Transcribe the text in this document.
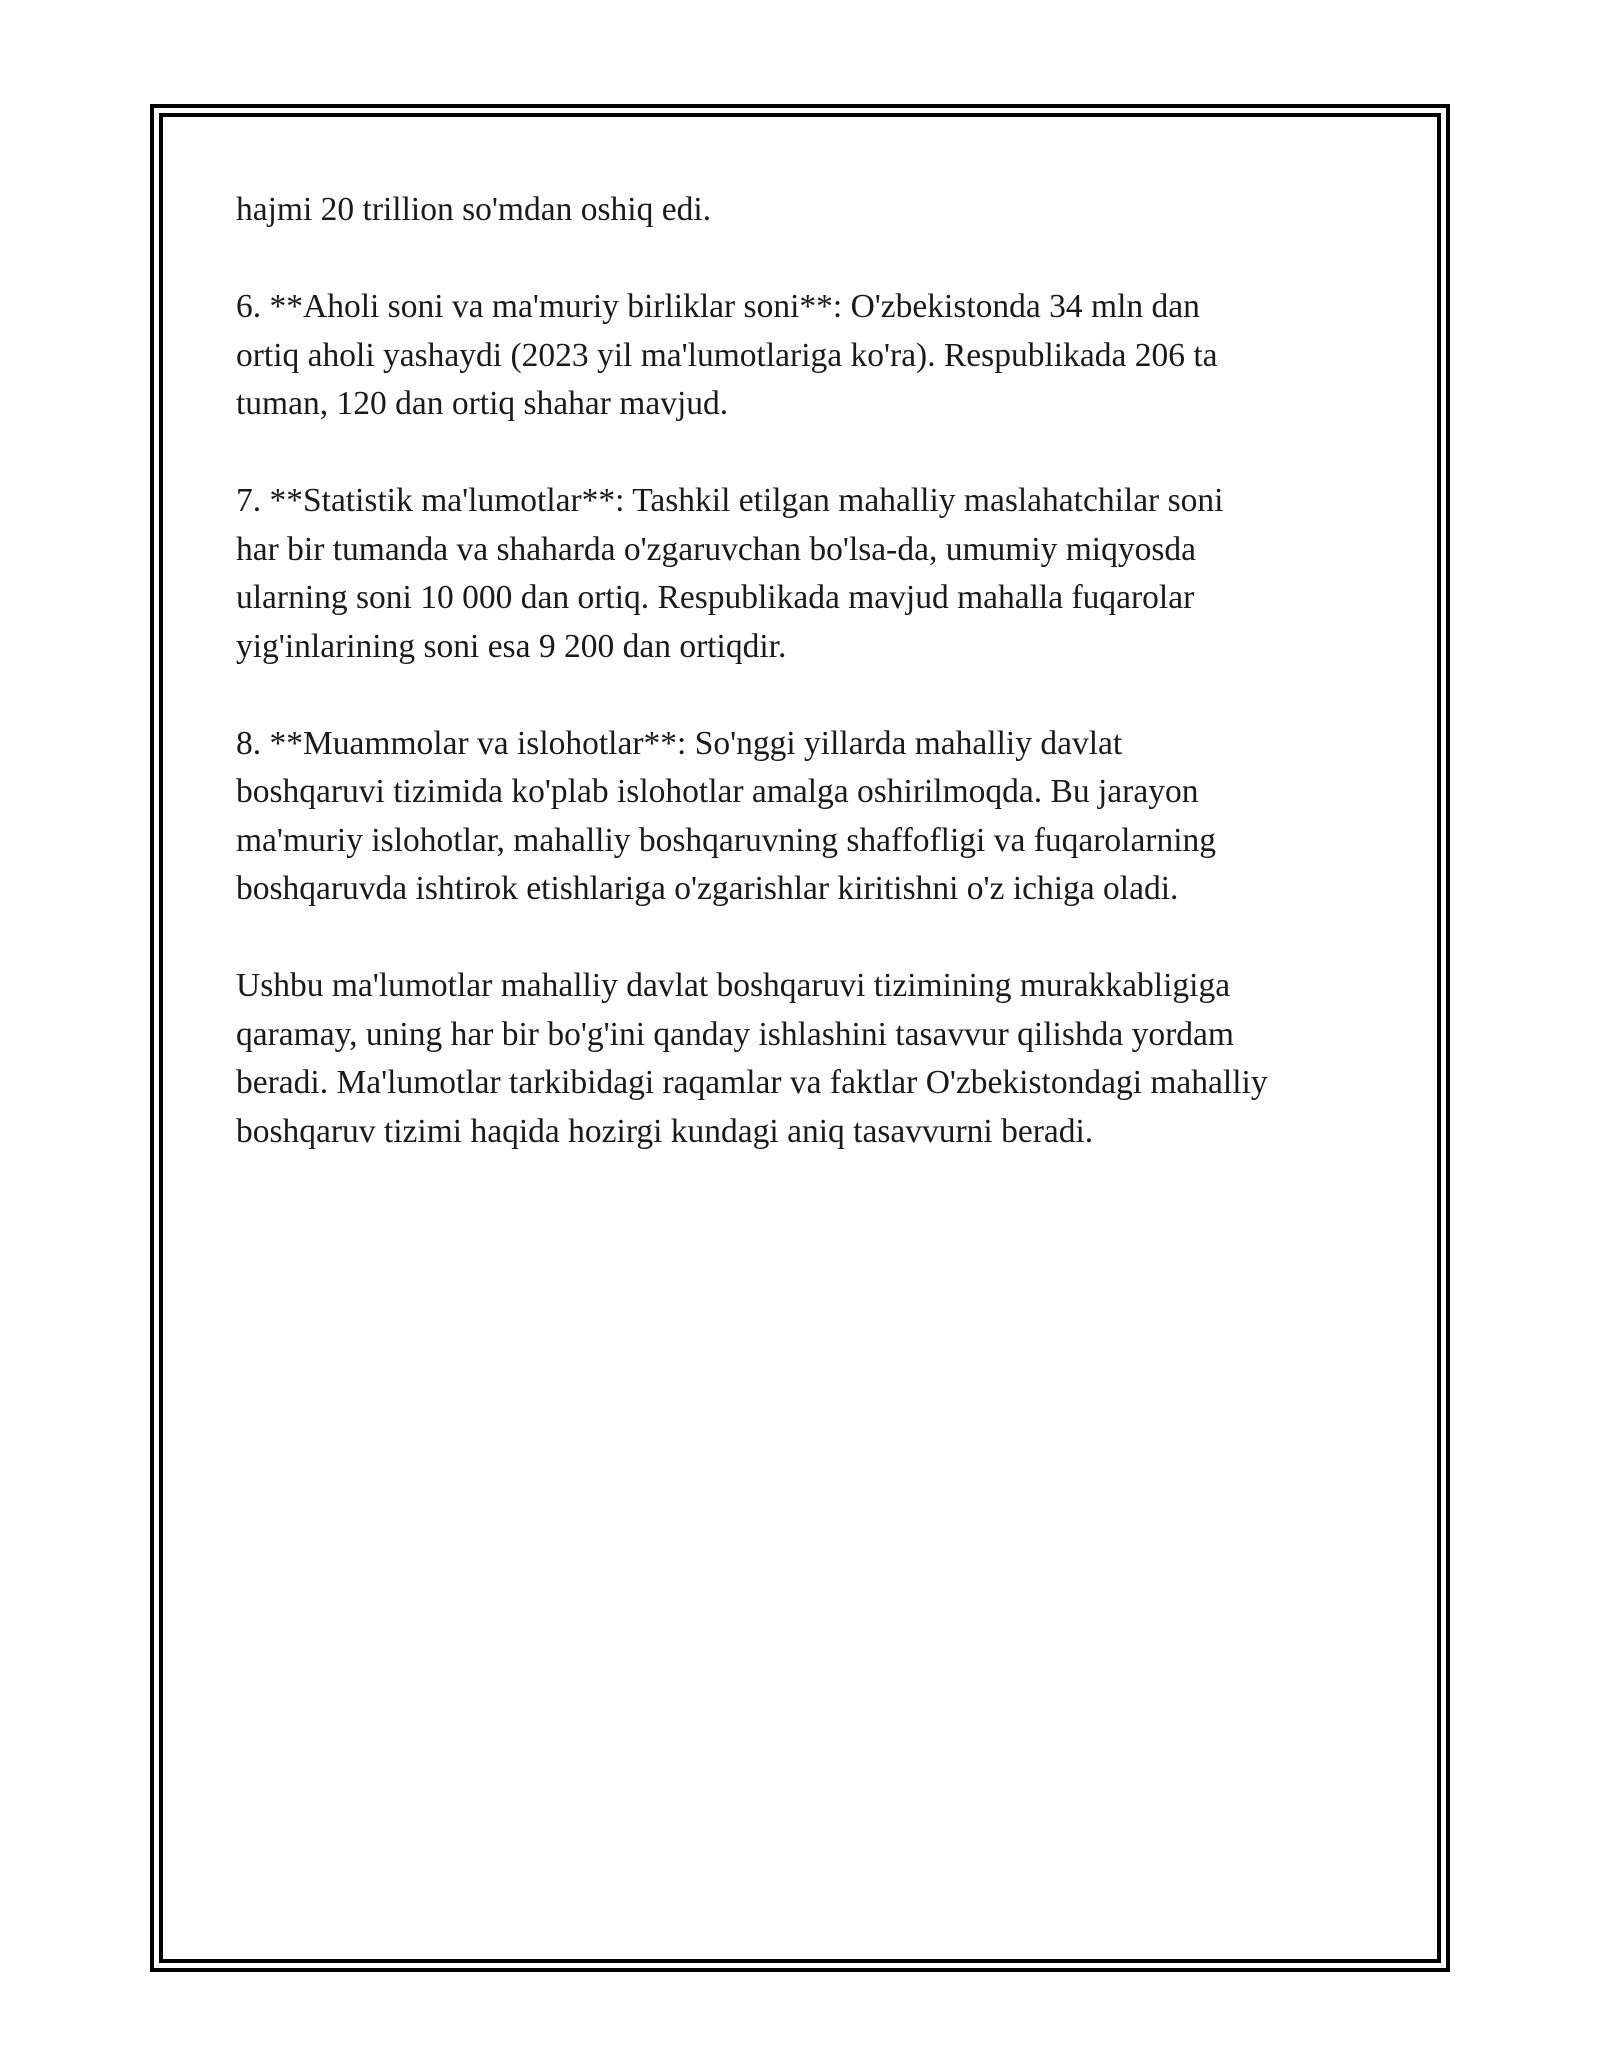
hajmi 20 trillion so'mdan oshiq edi.

6. **Aholi soni va ma'muriy birliklar soni**: O'zbekistonda 34 mln dan
ortiq aholi yashaydi (2023 yil ma'lumotlariga ko'ra). Respublikada 206 ta
tuman, 120 dan ortiq shahar mavjud.

7. **Statistik ma'lumotlar**: Tashkil etilgan mahalliy maslahatchilar soni
har bir tumanda va shaharda o'zgaruvchan bo'lsa-da, umumiy miqyosda
ularning soni 10 000 dan ortiq. Respublikada mavjud mahalla fuqarolar
yig'inlarining soni esa 9 200 dan ortiqdir.

8. **Muammolar va islohotlar**: So'nggi yillarda mahalliy davlat
boshqaruvi tizimida ko'plab islohotlar amalga oshirilmoqda. Bu jarayon
ma'muriy islohotlar, mahalliy boshqaruvning shaffofligi va fuqarolarning
boshqaruvda ishtirok etishlariga o'zgarishlar kiritishni o'z ichiga oladi.

Ushbu ma'lumotlar mahalliy davlat boshqaruvi tizimining murakkabligiga
qaramay, uning har bir bo'g'ini qanday ishlashini tasavvur qilishda yordam
beradi. Ma'lumotlar tarkibidagi raqamlar va faktlar O'zbekistondagi mahalliy
boshqaruv tizimi haqida hozirgi kundagi aniq tasavvurni beradi.
